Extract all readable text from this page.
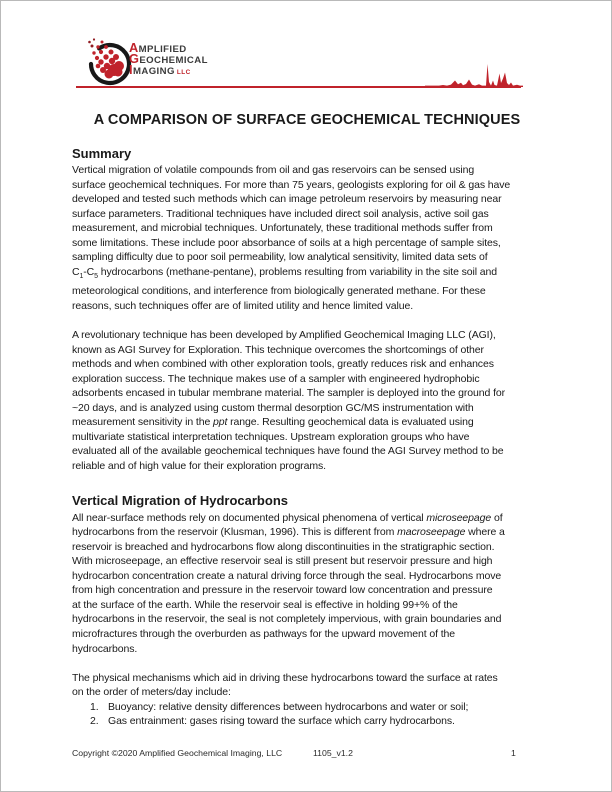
AMPLIFIED
GEOCHEMICAL
IMAGING LLC
A COMPARISON OF SURFACE GEOCHEMICAL TECHNIQUES
Summary
Vertical migration of volatile compounds from oil and gas reservoirs can be sensed using
surface geochemical techniques. For more than 75 years, geologists exploring for oil & gas have
developed and tested such methods which can image petroleum reservoirs by measuring near
surface parameters. Traditional techniques have included direct soil analysis, active soil gas
measurement, and microbial techniques. Unfortunately, these traditional methods suffer from
some limitations. These include poor absorbance of soils at a high percentage of sample sites,
sampling difficulty due to poor soil permeability, low analytical sensitivity, limited data sets of
$C_1-C_5$ hydrocarbons (methane-pentane), problems resulting from variability in the site soil and
meteorological conditions, and interference from biologically generated methane. For these
reasons, such techniques offer are of limited utility and hence limited value.
A revolutionary technique has been developed by Amplified Geochemical Imaging LLC (AGI),
known as AGI Survey for Exploration. This technique overcomes the shortcomings of other
methods and when combined with other exploration tools, greatly reduces risk and enhances
exploration success. The technique makes use of a sampler with engineered hydrophobic
adsorbents encased in tubular membrane material. The sampler is deployed into the ground for
~20 days, and is analyzed using custom thermal desorption GC/MS instrumentation with
measurement sensitivity in the ppt range. Resulting geochemical data is evaluated using
multivariate statistical interpretation techniques. Upstream exploration groups who have
evaluated all of the available geochemical techniques have found the AGI Survey method to be
reliable and of high value for their exploration programs.
Vertical Migration of Hydrocarbons
All near-surface methods rely on documented physical phenomena of vertical microseepage of
hydrocarbons from the reservoir (Klusman, 1996). This is different from macroseepage where a
reservoir is breached and hydrocarbons flow along discontinuities in the stratigraphic section.
With microseepage, an effective reservoir seal is still present but reservoir pressure and high
hydrocarbon concentration create a natural driving force through the seal. Hydrocarbons move
from high concentration and pressure in the reservoir toward low concentration and pressure
at the surface of the earth. While the reservoir seal is effective in holding 99+% of the
hydrocarbons in the reservoir, the seal is not completely impervious, with grain boundaries and
microfractures through the overburden as pathways for the upward movement of the
hydrocarbons.
The physical mechanisms which aid in driving these hydrocarbons toward the surface at rates
on the order of meters/day include:
1. Buoyancy: relative density differences between hydrocarbons and water or soil;
2. Gas entrainment: gases rising toward the surface which carry hydrocarbons.
Copyright ©2020 Amplified Geochemical Imaging, LLC	1105_v1.2	1
